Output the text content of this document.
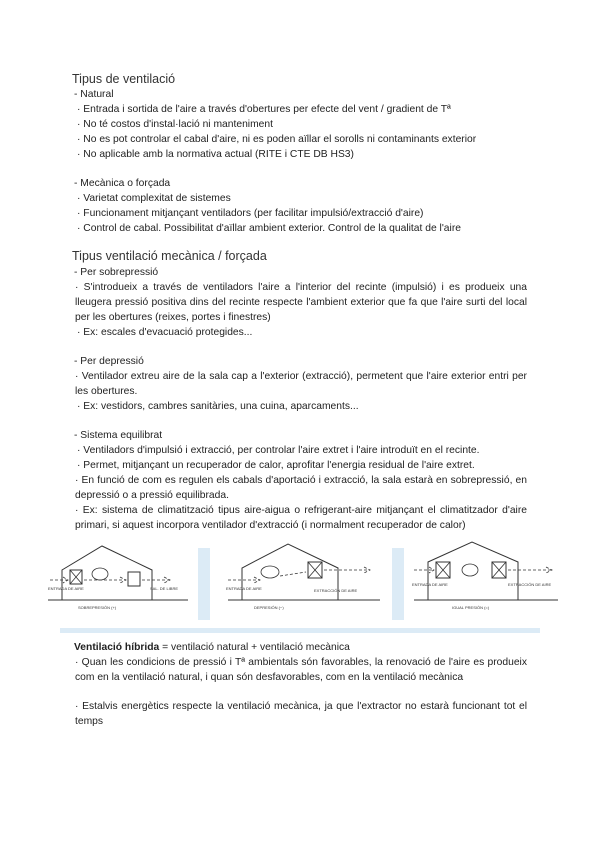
Tipus de ventilació
- Natural
· Entrada i sortida de l'aire a través d'obertures per efecte del vent / gradient de Tª
· No té costos d'instal·lació ni manteniment
· No es pot controlar el cabal d'aire, ni es poden aïllar el sorolls ni contaminants exterior
· No aplicable amb la normativa actual (RITE i CTE DB HS3)
- Mecànica o forçada
· Varietat complexitat de sistemes
· Funcionament mitjançant ventiladors (per facilitar impulsió/extracció d'aire)
· Control de cabal. Possibilitat d'aïllar ambient exterior. Control de la qualitat de l'aire
Tipus ventilació mecànica / forçada
- Per sobrepressió
· S'introdueix a través de ventiladors l'aire a l'interior del recinte (impulsió) i es produeix una lleugera pressió positiva dins del recinte respecte l'ambient exterior que fa que l'aire surti del local per les obertures (reixes, portes i finestres)
· Ex: escales d'evacuació protegides...
- Per depressió
· Ventilador extreu aire de la sala cap a l'exterior (extracció), permetent que l'aire exterior entri per les obertures.
· Ex: vestidors, cambres sanitàries, una cuina, aparcaments...
- Sistema equilibrat
· Ventiladors d'impulsió i extracció, per controlar l'aire extret i l'aire introduït en el recinte.
· Permet, mitjançant un recuperador de calor, aprofitar l'energia residual de l'aire extret.
· En funció de com es regulen els cabals d'aportació i extracció, la sala estarà en sobrepressió, en depressió o a pressió equilibrada.
· Ex: sistema de climatització tipus aire-aigua o refrigerant-aire mitjançant el climatitzador d'aire primari, si aquest incorpora ventilador d'extracció (i normalment recuperador de calor)
ENTRADA DE AIRE	SAL. DE LIBRE
SOBREPRESIÓN (+)
ENTRADA DE AIRE	EXTRACCIÓN DE AIRE
DEPRESIÓN (−)
ENTRADA DE AIRE	EXTRACCIÓN DE AIRE
IGUAL PRESIÓN (=)
Ventilació híbrida = ventilació natural + ventilació mecànica
· Quan les condicions de pressió i Tª ambientals són favorables, la renovació de l'aire es produeix com en la ventilació natural, i quan són desfavorables, com en la ventilació mecànica
· Estalvis energètics respecte la ventilació mecànica, ja que l'extractor no estarà funcionant tot el temps
